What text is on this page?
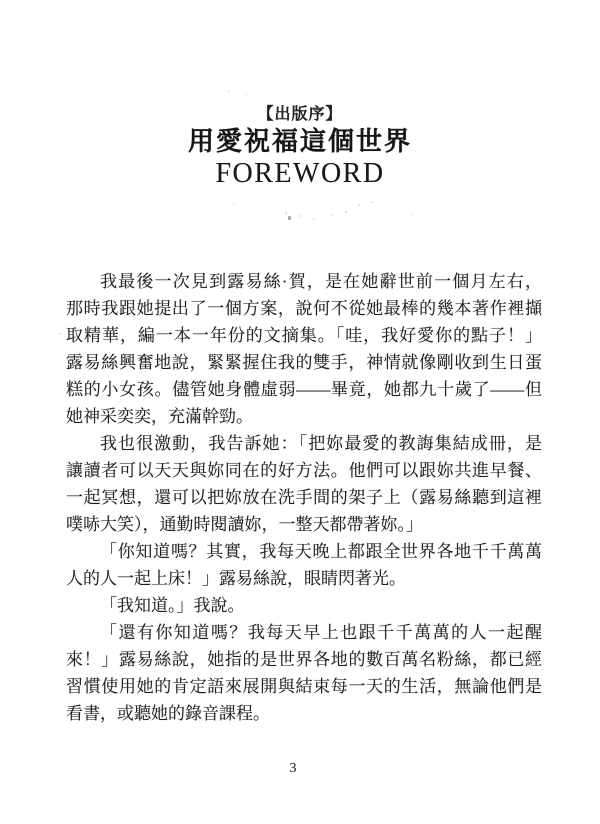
【出版序】
用愛祝福這個世界
FOREWORD
我最後一次見到露易絲·賀，是在她辭世前一個月左右，
那時我跟她提出了一個方案，說何不從她最棒的幾本著作裡擷
取精華，編一本一年份的文摘集。「哇，我好愛你的點子！」
露易絲興奮地說，緊緊握住我的雙手，神情就像剛收到生日蛋
糕的小女孩。儘管她身體虛弱——畢竟，她都九十歲了——但
她神采奕奕，充滿幹勁。
我也很激動，我告訴她：「把妳最愛的教誨集結成冊，是
讓讀者可以天天與妳同在的好方法。他們可以跟妳共進早餐、
一起冥想，還可以把妳放在洗手間的架子上（露易絲聽到這裡
噗哧大笑），通勤時閱讀妳，一整天都帶著妳。」
「你知道嗎？其實，我每天晚上都跟全世界各地千千萬萬
人的人一起上床！」露易絲說，眼睛閃著光。
「我知道。」我說。
「還有你知道嗎？我每天早上也跟千千萬萬的人一起醒
來！」露易絲說，她指的是世界各地的數百萬名粉絲，都已經
習慣使用她的肯定語來展開與結束每一天的生活，無論他們是
看書，或聽她的錄音課程。
3
